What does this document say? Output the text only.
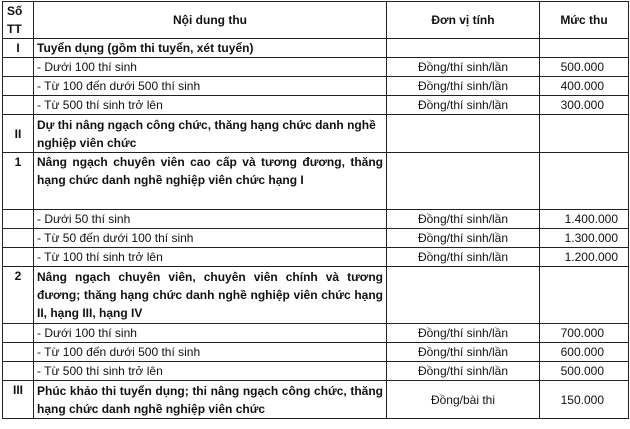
Số
TT	Nội dung thu	Đơn vị tính	Mức thu
I	Tuyển dụng (gồm thi tuyển, xét tuyển)		
	- Dưới 100 thí sinh	Đồng/thí sinh/lần	500.000
	- Từ 100 đến dưới 500 thí sinh	Đồng/thí sinh/lần	400.000
	- Từ 500 thí sinh trở lên	Đồng/thí sinh/lần	300.000
II	Dự thi nâng ngạch công chức, thăng hạng chức danh nghề nghiệp viên chức		
1	Nâng ngạch chuyên viên cao cấp và tương đương, thăng hạng chức danh nghề nghiệp viên chức hạng I		
	- Dưới 50 thí sinh	Đồng/thí sinh/lần	1.400.000
	- Từ 50 đến dưới 100 thí sinh	Đồng/thí sinh/lần	1.300.000
	- Từ 100 thí sinh trở lên	Đồng/thí sinh/lần	1.200.000
2	Nâng ngạch chuyên viên, chuyên viên chính và tương đương; thăng hạng chức danh nghề nghiệp viên chức hạng II, hạng III, hạng IV		
	- Dưới 100 thí sinh	Đồng/thí sinh/lần	700.000
	- Từ 100 đến dưới 500 thí sinh	Đồng/thí sinh/lần	600.000
	- Từ 500 thí sinh trở lên	Đồng/thí sinh/lần	500.000
III	Phúc khảo thi tuyển dụng; thi nâng ngạch công chức, thăng hạng chức danh nghề nghiệp viên chức	Đồng/bài thi	150.000
